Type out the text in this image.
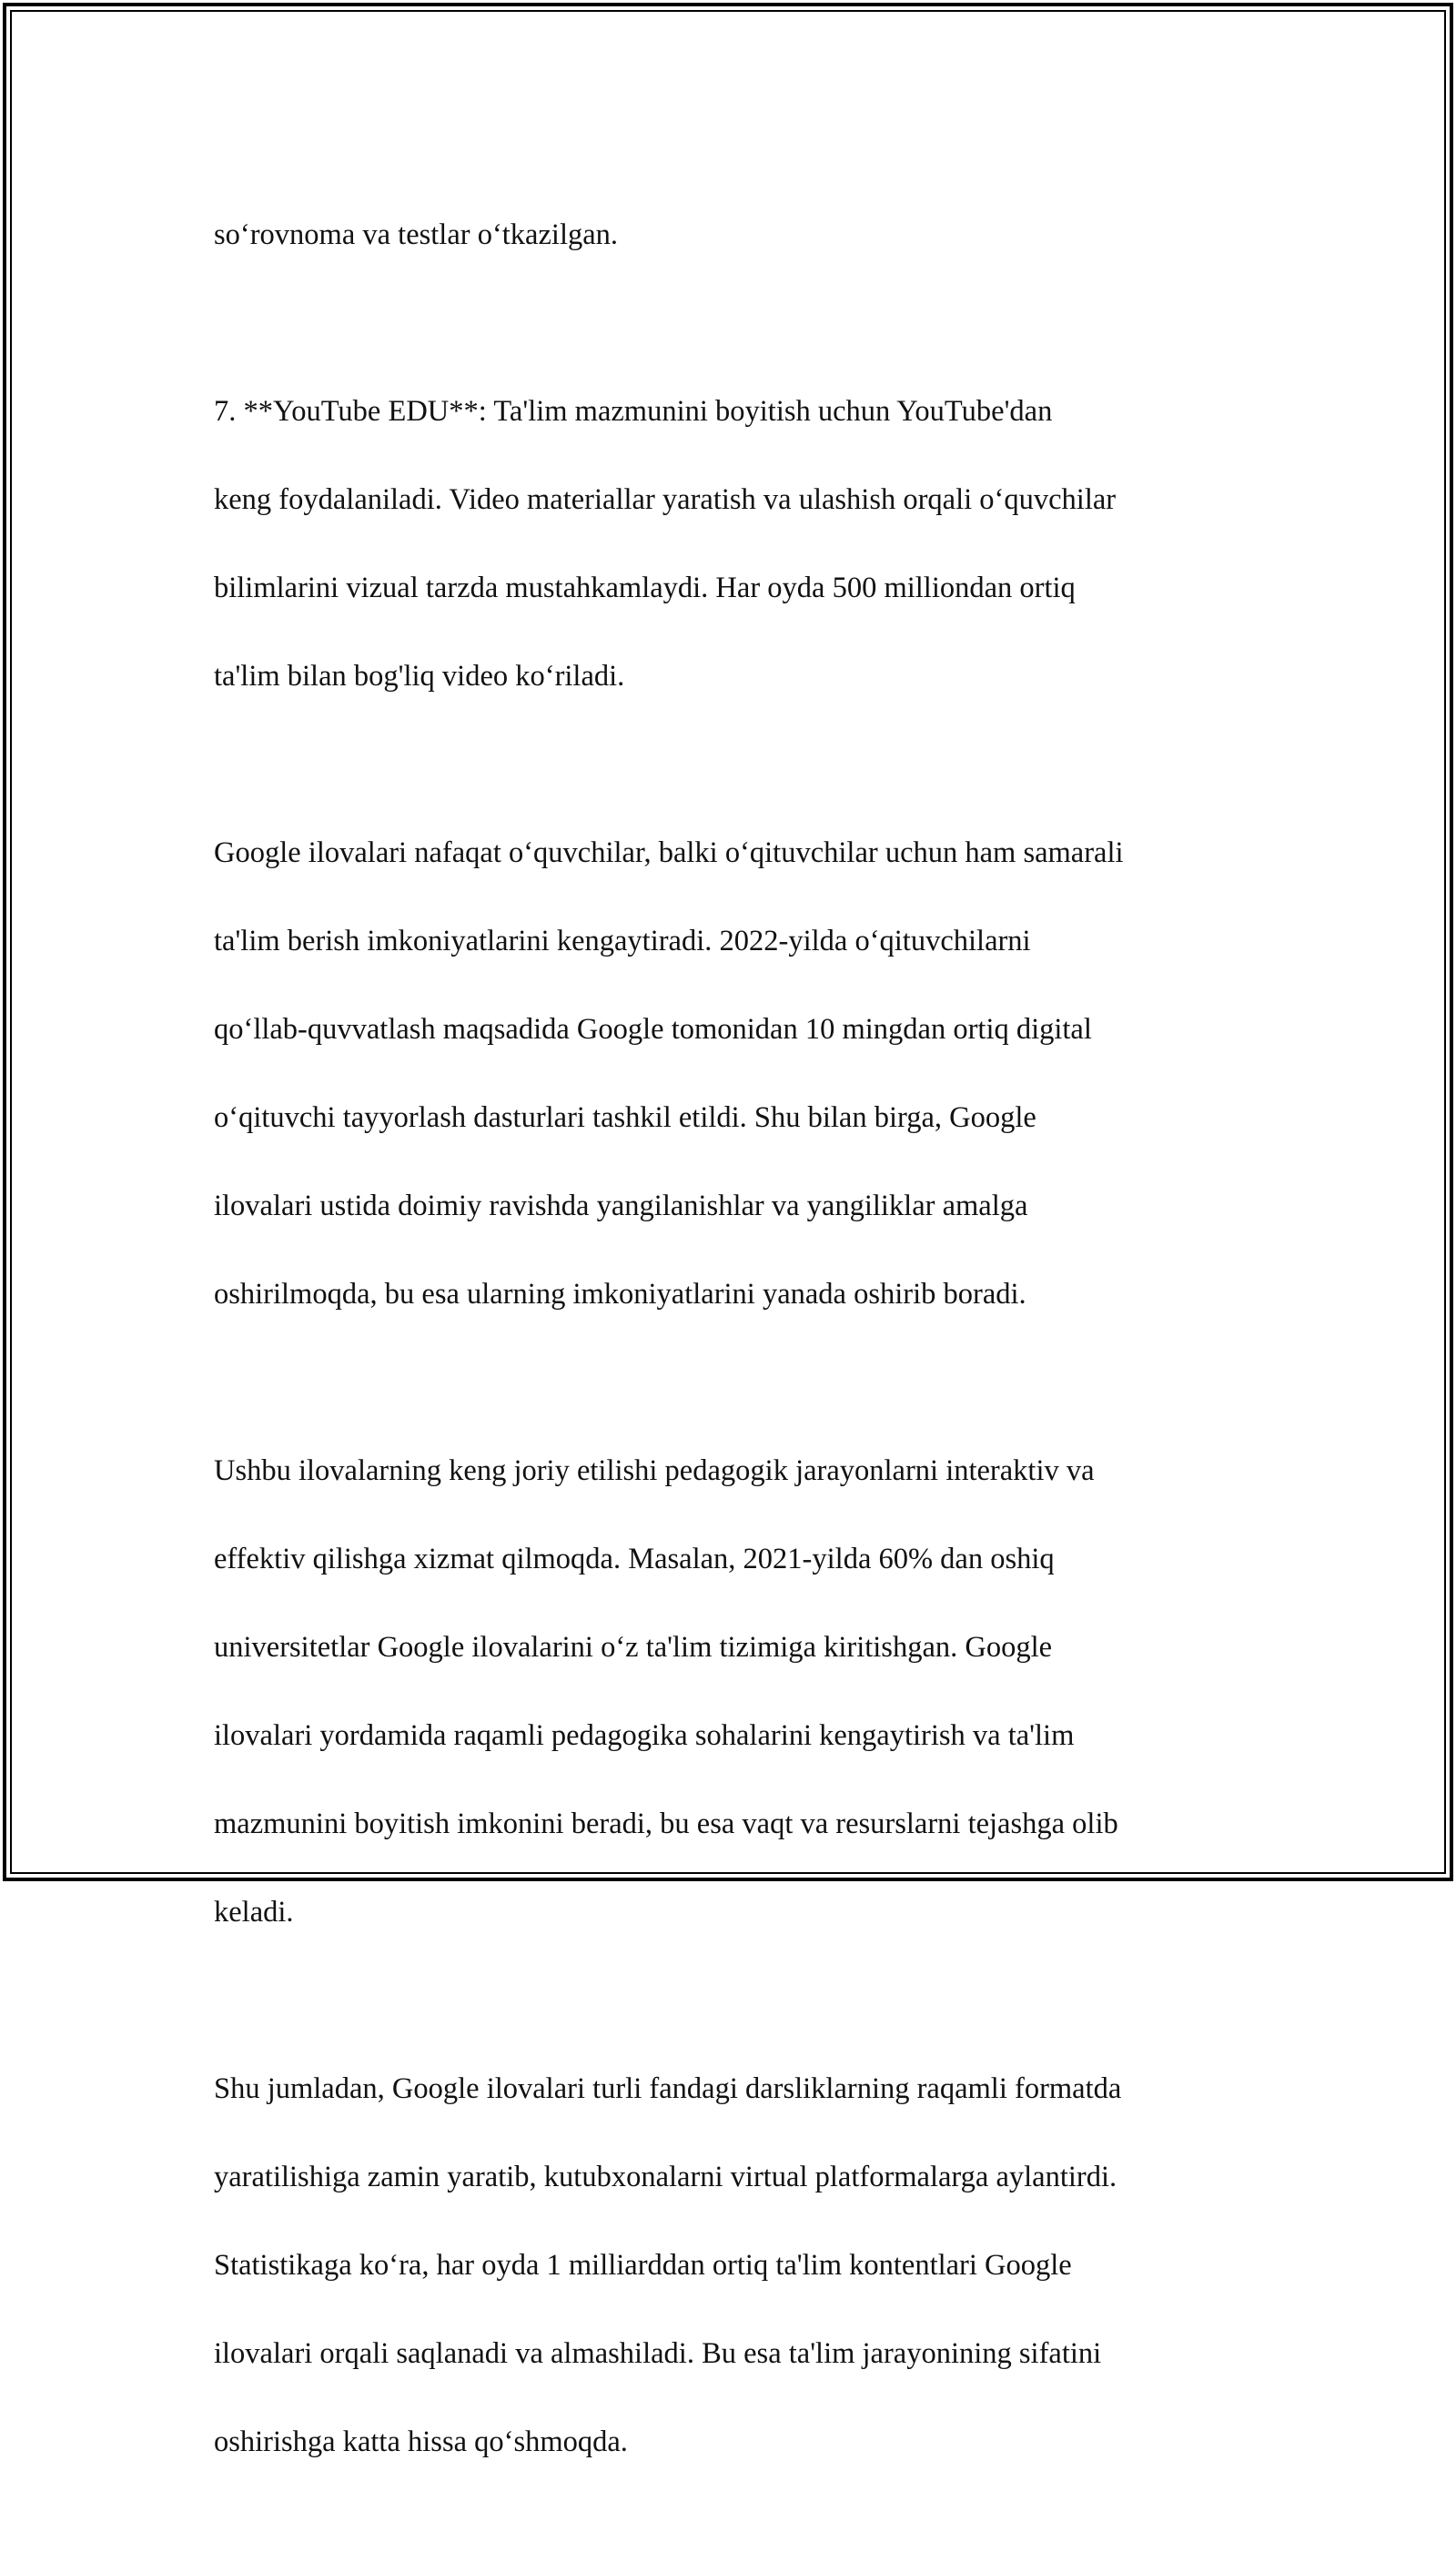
so‘rovnoma va testlar o‘tkazilgan.

7. **YouTube EDU**: Ta'lim mazmunini boyitish uchun YouTube'dan

keng foydalaniladi. Video materiallar yaratish va ulashish orqali o‘quvchilar

bilimlarini vizual tarzda mustahkamlaydi. Har oyda 500 milliondan ortiq

ta'lim bilan bog'liq video ko‘riladi.

Google ilovalari nafaqat o‘quvchilar, balki o‘qituvchilar uchun ham samarali

ta'lim berish imkoniyatlarini kengaytiradi. 2022-yilda o‘qituvchilarni

qo‘llab-quvvatlash maqsadida Google tomonidan 10 mingdan ortiq digital

o‘qituvchi tayyorlash dasturlari tashkil etildi. Shu bilan birga, Google

ilovalari ustida doimiy ravishda yangilanishlar va yangiliklar amalga

oshirilmoqda, bu esa ularning imkoniyatlarini yanada oshirib boradi.

Ushbu ilovalarning keng joriy etilishi pedagogik jarayonlarni interaktiv va

effektiv qilishga xizmat qilmoqda. Masalan, 2021-yilda 60% dan oshiq

universitetlar Google ilovalarini o‘z ta'lim tizimiga kiritishgan. Google

ilovalari yordamida raqamli pedagogika sohalarini kengaytirish va ta'lim

mazmunini boyitish imkonini beradi, bu esa vaqt va resurslarni tejashga olib

keladi.

Shu jumladan, Google ilovalari turli fandagi darsliklarning raqamli formatda

yaratilishiga zamin yaratib, kutubxonalarni virtual platformalarga aylantirdi.

Statistikaga ko‘ra, har oyda 1 milliarddan ortiq ta'lim kontentlari Google

ilovalari orqali saqlanadi va almashiladi. Bu esa ta'lim jarayonining sifatini

oshirishga katta hissa qo‘shmoqda.
